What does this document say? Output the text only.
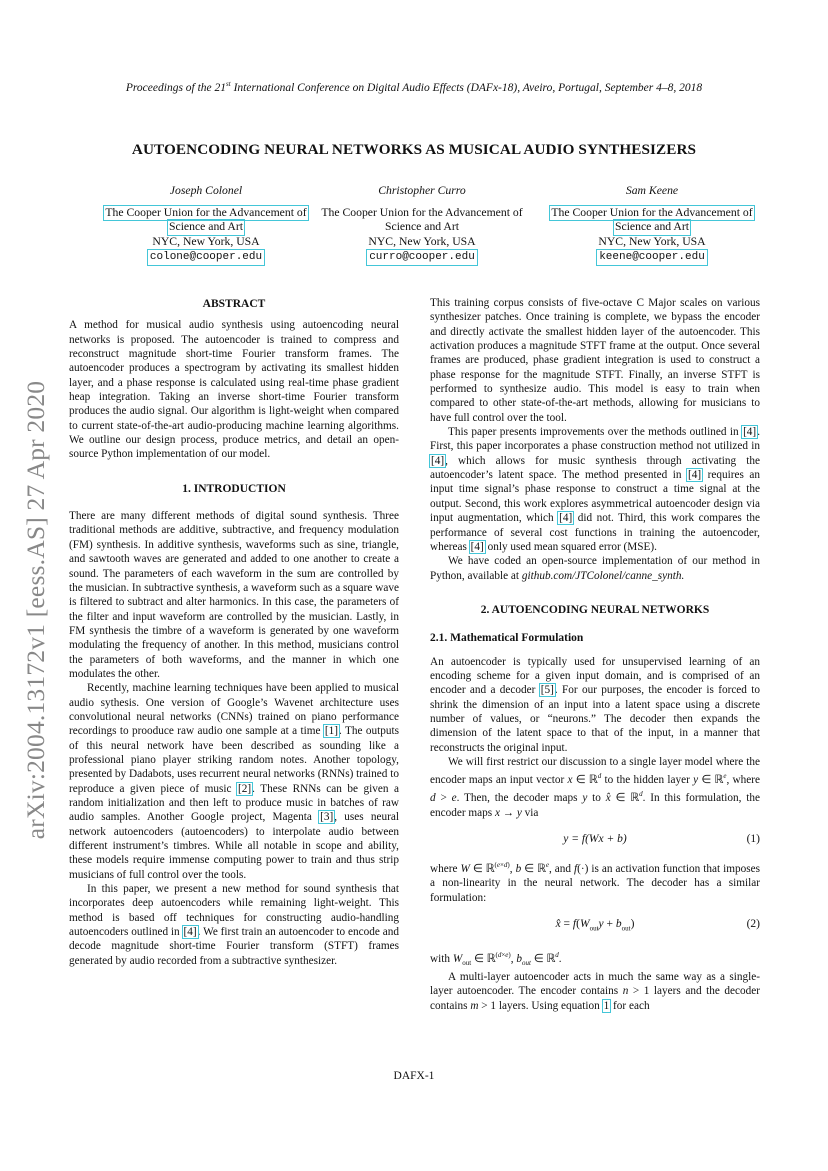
Proceedings of the 21st International Conference on Digital Audio Effects (DAFx-18), Aveiro, Portugal, September 4–8, 2018
AUTOENCODING NEURAL NETWORKS AS MUSICAL AUDIO SYNTHESIZERS
Joseph Colonel
The Cooper Union for the Advancement of
Science and Art
NYC, New York, USA
colone@cooper.edu
Christopher Curro
The Cooper Union for the Advancement of
Science and Art
NYC, New York, USA
curro@cooper.edu
Sam Keene
The Cooper Union for the Advancement of
Science and Art
NYC, New York, USA
keene@cooper.edu
arXiv:2004.13172v1 [eess.AS] 27 Apr 2020
ABSTRACT

A method for musical audio synthesis using autoencoding neural networks is proposed. The autoencoder is trained to compress and reconstruct magnitude short-time Fourier transform frames. The autoencoder produces a spectrogram by activating its smallest hidden layer, and a phase response is calculated using real-time phase gradient heap integration. Taking an inverse short-time Fourier transform produces the audio signal. Our algorithm is light-weight when compared to current state-of-the-art audio-producing machine learning algorithms. We outline our design process, produce metrics, and detail an open-source Python implementation of our model.

1. INTRODUCTION

There are many different methods of digital sound synthesis. Three traditional methods are additive, subtractive, and frequency modulation (FM) synthesis. In additive synthesis, waveforms such as sine, triangle, and sawtooth waves are generated and added to one another to create a sound. The parameters of each waveform in the sum are controlled by the musician. In subtractive synthesis, a waveform such as a square wave is filtered to subtract and alter harmonics. In this case, the parameters of the filter and input waveform are controlled by the musician. Lastly, in FM synthesis the timbre of a waveform is generated by one waveform modulating the frequency of another. In this method, musicians control the parameters of both waveforms, and the manner in which one modulates the other.

Recently, machine learning techniques have been applied to musical audio sythesis. One version of Google’s Wavenet architecture uses convolutional neural networks (CNNs) trained on piano performance recordings to prooduce raw audio one sample at a time [1]. The outputs of this neural network have been described as sounding like a professional piano player striking random notes. Another topology, presented by Dadabots, uses recurrent neural networks (RNNs) trained to reproduce a given piece of music [2]. These RNNs can be given a random initialization and then left to produce music in batches of raw audio samples. Another Google project, Magenta [3], uses neural network autoencoders (autoencoders) to interpolate audio between different instrument’s timbres. While all notable in scope and ability, these models require immense computing power to train and thus strip musicians of full control over the tools.

In this paper, we present a new method for sound synthesis that incorporates deep autoencoders while remaining light-weight. This method is based off techniques for constructing audio-handling autoencoders outlined in [4]. We first train an autoencoder to encode and decode magnitude short-time Fourier transform (STFT) frames generated by audio recorded from a subtractive synthesizer.

This training corpus consists of five-octave C Major scales on various synthesizer patches. Once training is complete, we bypass the encoder and directly activate the smallest hidden layer of the autoencoder. This activation produces a magnitude STFT frame at the output. Once several frames are produced, phase gradient integration is used to construct a phase response for the magnitude STFT. Finally, an inverse STFT is performed to synthesize audio. This model is easy to train when compared to other state-of-the-art methods, allowing for musicians to have full control over the tool.

This paper presents improvements over the methods outlined in [4]. First, this paper incorporates a phase construction method not utilized in [4], which allows for music synthesis through activating the autoencoder’s latent space. The method presented in [4] requires an input time signal’s phase response to construct a time signal at the output. Second, this work explores asymmetrical autoencoder design via input augmentation, which [4] did not. Third, this work compares the performance of several cost functions in training the autoencoder, whereas [4] only used mean squared error (MSE).

We have coded an open-source implementation of our method in Python, available at github.com/JTColonel/canne_synth.

2. AUTOENCODING NEURAL NETWORKS
2.1. Mathematical Formulation

An autoencoder is typically used for unsupervised learning of an encoding scheme for a given input domain, and is comprised of an encoder and a decoder [5]. For our purposes, the encoder is forced to shrink the dimension of an input into a latent space using a discrete number of values, or “neurons.” The decoder then expands the dimension of the latent space to that of the input, in a manner that reconstructs the original input.

We will first restrict our discussion to a single layer model where the encoder maps an input vector x ∈ ℝ$^d$ to the hidden layer y ∈ ℝ$^e$, where d > e. Then, the decoder maps y to x̂ ∈ ℝ$^d$. In this formulation, the encoder maps x → y via

y = f(Wx + b)	(1)

where W ∈ ℝ$^{(e\times d)}$, b ∈ ℝ$^e$, and f(·) is an activation function that imposes a non-linearity in the neural network. The decoder has a similar formulation:

x̂ = $f(W_{out}y + b_{out})$	(2)

with $W_{out}$ ∈ ℝ$^{(d\times e)}$, $b_{out}$ ∈ ℝ$^d$.

A multi-layer autoencoder acts in much the same way as a single-layer autoencoder. The encoder contains n > 1 layers and the decoder contains m > 1 layers. Using equation 1 for each

DAFX-1
